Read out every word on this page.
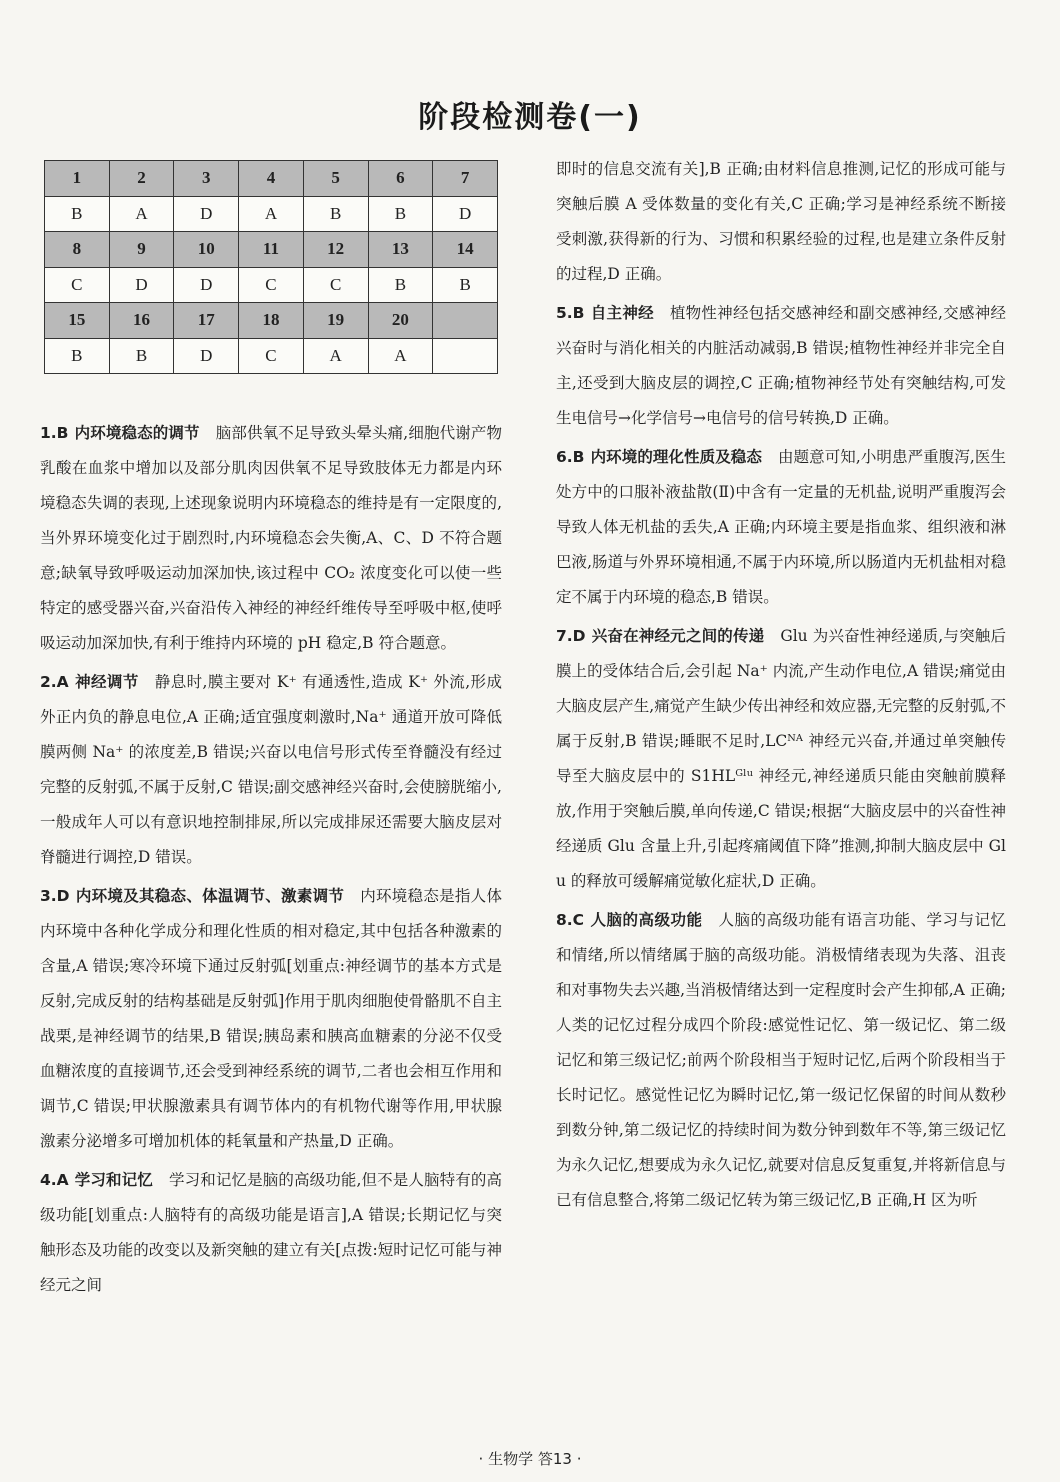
阶段检测卷(一)
1	2	3	4	5	6	7
B	A	D	A	B	B	D
8	9	10	11	12	13	14
C	D	D	C	C	B	B
15	16	17	18	19	20	
B	B	D	C	A	A	
1.B 内环境稳态的调节 脑部供氧不足导致头晕头痛,细胞代谢产物乳酸在血浆中增加以及部分肌肉因供氧不足导致肢体无力都是内环境稳态失调的表现,上述现象说明内环境稳态的维持是有一定限度的,当外界环境变化过于剧烈时,内环境稳态会失衡,A、C、D 不符合题意;缺氧导致呼吸运动加深加快,该过程中 CO₂ 浓度变化可以使一些特定的感受器兴奋,兴奋沿传入神经的神经纤维传导至呼吸中枢,使呼吸运动加深加快,有利于维持内环境的 pH 稳定,B 符合题意。
2.A 神经调节 静息时,膜主要对 K⁺ 有通透性,造成 K⁺ 外流,形成外正内负的静息电位,A 正确;适宜强度刺激时,Na⁺ 通道开放可降低膜两侧 Na⁺ 的浓度差,B 错误;兴奋以电信号形式传至脊髓没有经过完整的反射弧,不属于反射,C 错误;副交感神经兴奋时,会使膀胱缩小,一般成年人可以有意识地控制排尿,所以完成排尿还需要大脑皮层对脊髓进行调控,D 错误。
3.D 内环境及其稳态、体温调节、激素调节 内环境稳态是指人体内环境中各种化学成分和理化性质的相对稳定,其中包括各种激素的含量,A 错误;寒冷环境下通过反射弧[划重点:神经调节的基本方式是反射,完成反射的结构基础是反射弧]作用于肌肉细胞使骨骼肌不自主战栗,是神经调节的结果,B 错误;胰岛素和胰高血糖素的分泌不仅受血糖浓度的直接调节,还会受到神经系统的调节,二者也会相互作用和调节,C 错误;甲状腺激素具有调节体内的有机物代谢等作用,甲状腺激素分泌增多可增加机体的耗氧量和产热量,D 正确。
4.A 学习和记忆 学习和记忆是脑的高级功能,但不是人脑特有的高级功能[划重点:人脑特有的高级功能是语言],A 错误;长期记忆与突触形态及功能的改变以及新突触的建立有关[点拨:短时记忆可能与神经元之间
即时的信息交流有关],B 正确;由材料信息推测,记忆的形成可能与突触后膜 A 受体数量的变化有关,C 正确;学习是神经系统不断接受刺激,获得新的行为、习惯和积累经验的过程,也是建立条件反射的过程,D 正确。
5.B 自主神经 植物性神经包括交感神经和副交感神经,交感神经兴奋时与消化相关的内脏活动减弱,B 错误;植物性神经并非完全自主,还受到大脑皮层的调控,C 正确;植物神经节处有突触结构,可发生电信号→化学信号→电信号的信号转换,D 正确。
6.B 内环境的理化性质及稳态 由题意可知,小明患严重腹泻,医生处方中的口服补液盐散(Ⅱ)中含有一定量的无机盐,说明严重腹泻会导致人体无机盐的丢失,A 正确;内环境主要是指血浆、组织液和淋巴液,肠道与外界环境相通,不属于内环境,所以肠道内无机盐相对稳定不属于内环境的稳态,B 错误。
7.D 兴奋在神经元之间的传递 Glu 为兴奋性神经递质,与突触后膜上的受体结合后,会引起 Na⁺ 内流,产生动作电位,A 错误;痛觉由大脑皮层产生,痛觉产生缺少传出神经和效应器,无完整的反射弧,不属于反射,B 错误;睡眠不足时,LCᴺᴬ 神经元兴奋,并通过单突触传导至大脑皮层中的 S1HLᴳˡᵘ 神经元,神经递质只能由突触前膜释放,作用于突触后膜,单向传递,C 错误;根据“大脑皮层中的兴奋性神经递质 Glu 含量上升,引起疼痛阈值下降”推测,抑制大脑皮层中 Glu 的释放可缓解痛觉敏化症状,D 正确。
8.C 人脑的高级功能 人脑的高级功能有语言功能、学习与记忆和情绪,所以情绪属于脑的高级功能。消极情绪表现为失落、沮丧和对事物失去兴趣,当消极情绪达到一定程度时会产生抑郁,A 正确;人类的记忆过程分成四个阶段:感觉性记忆、第一级记忆、第二级记忆和第三级记忆;前两个阶段相当于短时记忆,后两个阶段相当于长时记忆。感觉性记忆为瞬时记忆,第一级记忆保留的时间从数秒到数分钟,第二级记忆的持续时间为数分钟到数年不等,第三级记忆为永久记忆,想要成为永久记忆,就要对信息反复重复,并将新信息与已有信息整合,将第二级记忆转为第三级记忆,B 正确,H 区为听
· 生物学 答13 ·
